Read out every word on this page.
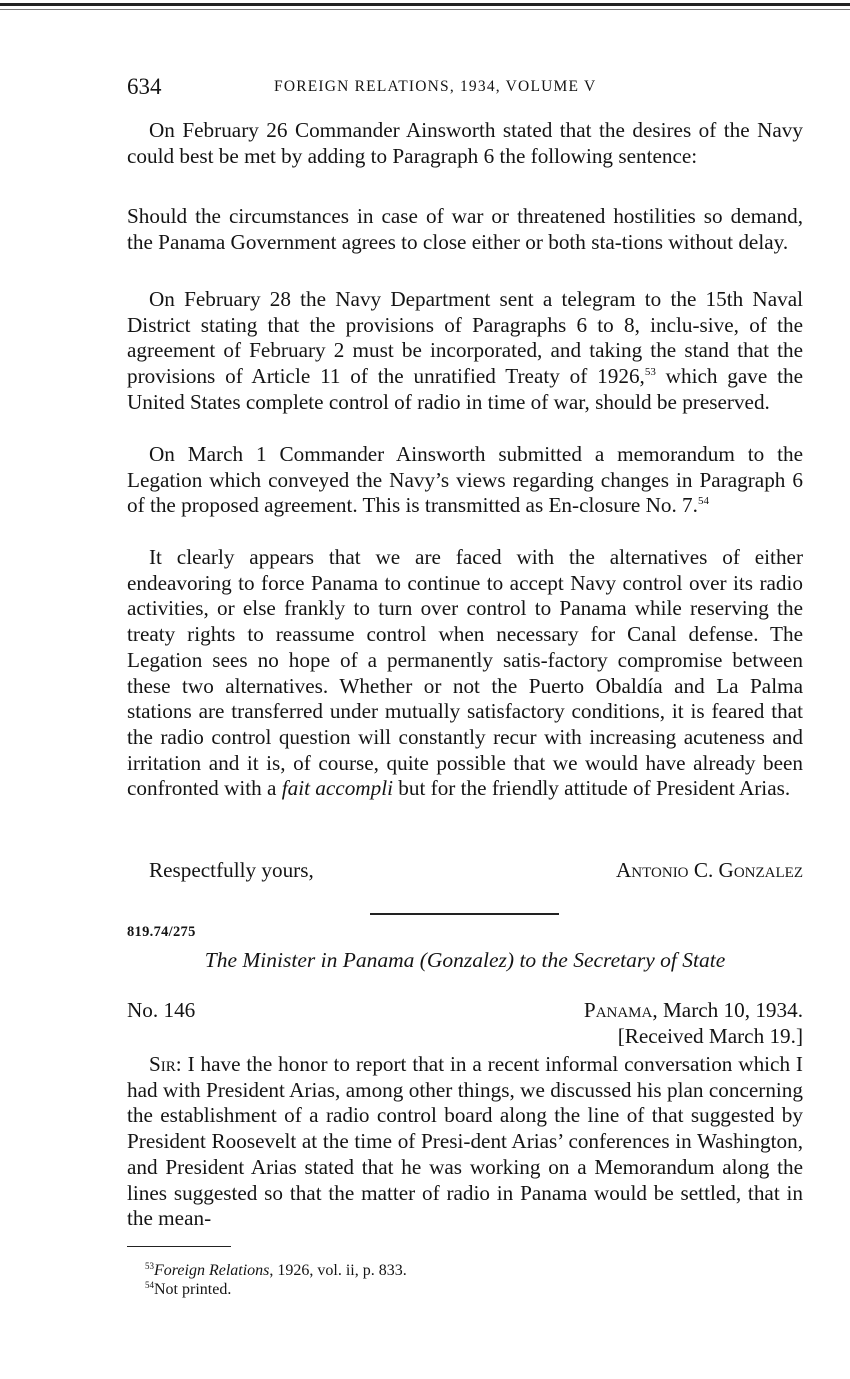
634	FOREIGN RELATIONS, 1934, VOLUME V

On February 26 Commander Ainsworth stated that the desires of the Navy could best be met by adding to Paragraph 6 the following sentence:

Should the circumstances in case of war or threatened hostilities so demand, the Panama Government agrees to close either or both sta-tions without delay.

On February 28 the Navy Department sent a telegram to the 15th Naval District stating that the provisions of Paragraphs 6 to 8, inclu-sive, of the agreement of February 2 must be incorporated, and taking the stand that the provisions of Article 11 of the unratified Treaty of 1926,53 which gave the United States complete control of radio in time of war, should be preserved.

On March 1 Commander Ainsworth submitted a memorandum to the Legation which conveyed the Navy’s views regarding changes in Paragraph 6 of the proposed agreement. This is transmitted as En-closure No. 7.54

It clearly appears that we are faced with the alternatives of either endeavoring to force Panama to continue to accept Navy control over its radio activities, or else frankly to turn over control to Panama while reserving the treaty rights to reassume control when necessary for Canal defense. The Legation sees no hope of a permanently satis-factory compromise between these two alternatives. Whether or not the Puerto Obaldía and La Palma stations are transferred under mutually satisfactory conditions, it is feared that the radio control question will constantly recur with increasing acuteness and irritation and it is, of course, quite possible that we would have already been confronted with a fait accompli but for the friendly attitude of President Arias.

Respectfully yours,	Antonio C. Gonzalez
819.74/275
The Minister in Panama (Gonzalez) to the Secretary of State
No. 146	Panama, March 10, 1934.
[Received March 19.]

Sir: I have the honor to report that in a recent informal conversation which I had with President Arias, among other things, we discussed his plan concerning the establishment of a radio control board along the line of that suggested by President Roosevelt at the time of Presi-dent Arias’ conferences in Washington, and President Arias stated that he was working on a Memorandum along the lines suggested so that the matter of radio in Panama would be settled, that in the mean-

$^{53}$Foreign Relations, 1926, vol. ii, p. 833.
$^{54}$Not printed.
